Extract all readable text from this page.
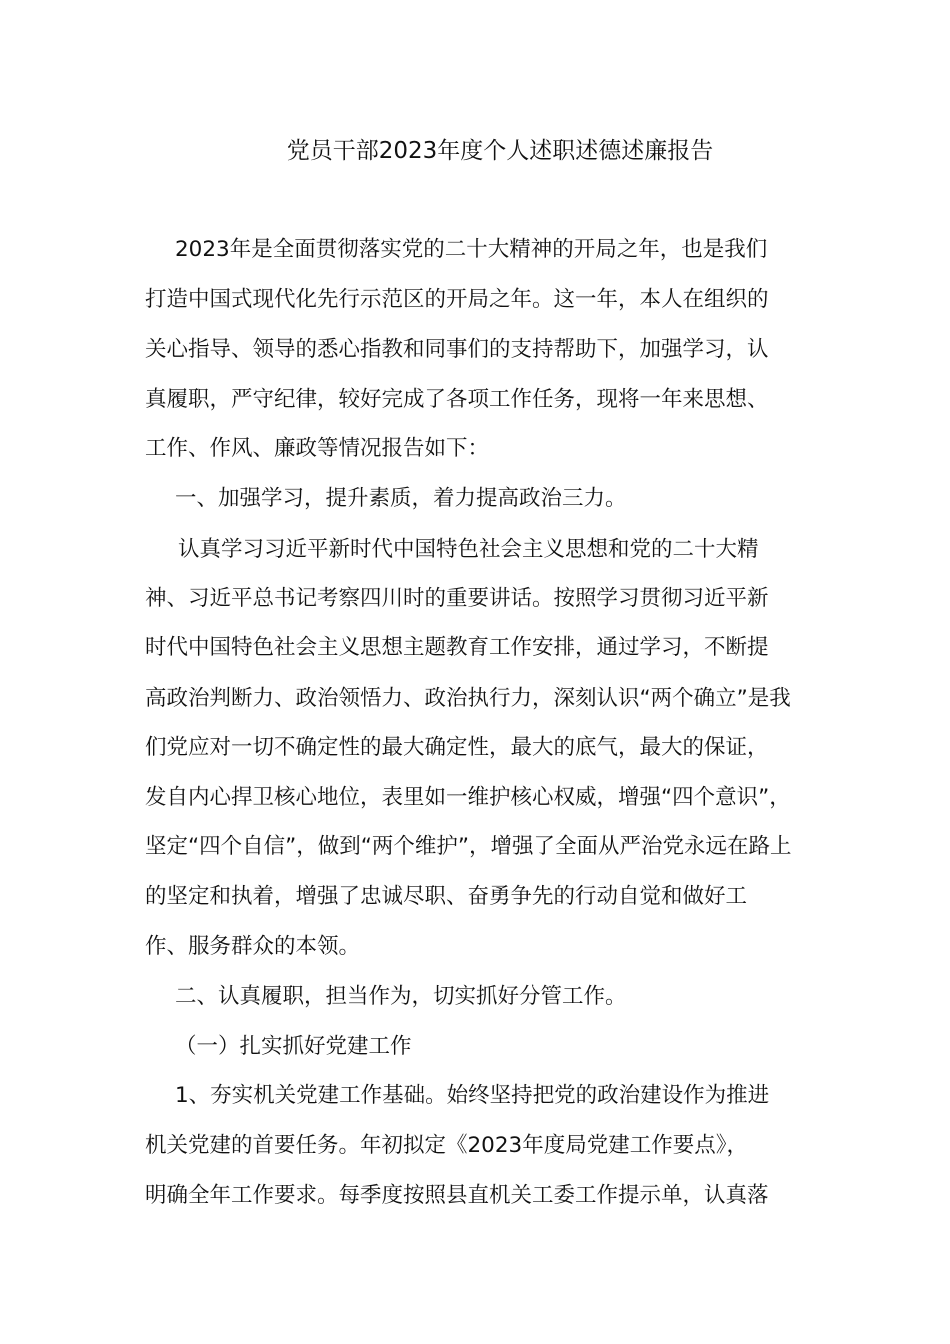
党员干部2023年度个人述职述德述廉报告

2023年是全面贯彻落实党的二十大精神的开局之年，也是我们

打造中国式现代化先行示范区的开局之年。这一年，本人在组织的

关心指导、领导的悉心指教和同事们的支持帮助下，加强学习，认

真履职，严守纪律，较好完成了各项工作任务，现将一年来思想、

工作、作风、廉政等情况报告如下：

一、加强学习，提升素质，着力提高政治三力。

认真学习习近平新时代中国特色社会主义思想和党的二十大精

神、习近平总书记考察四川时的重要讲话。按照学习贯彻习近平新

时代中国特色社会主义思想主题教育工作安排，通过学习，不断提

高政治判断力、政治领悟力、政治执行力，深刻认识“两个确立”是我

们党应对一切不确定性的最大确定性，最大的底气，最大的保证，

发自内心捍卫核心地位，表里如一维护核心权威，增强“四个意识”，

坚定“四个自信”，做到“两个维护”，增强了全面从严治党永远在路上

的坚定和执着，增强了忠诚尽职、奋勇争先的行动自觉和做好工

作、服务群众的本领。

二、认真履职，担当作为，切实抓好分管工作。

（一）扎实抓好党建工作

1、夯实机关党建工作基础。始终坚持把党的政治建设作为推进

机关党建的首要任务。年初拟定《2023年度局党建工作要点》，

明确全年工作要求。每季度按照县直机关工委工作提示单，认真落
